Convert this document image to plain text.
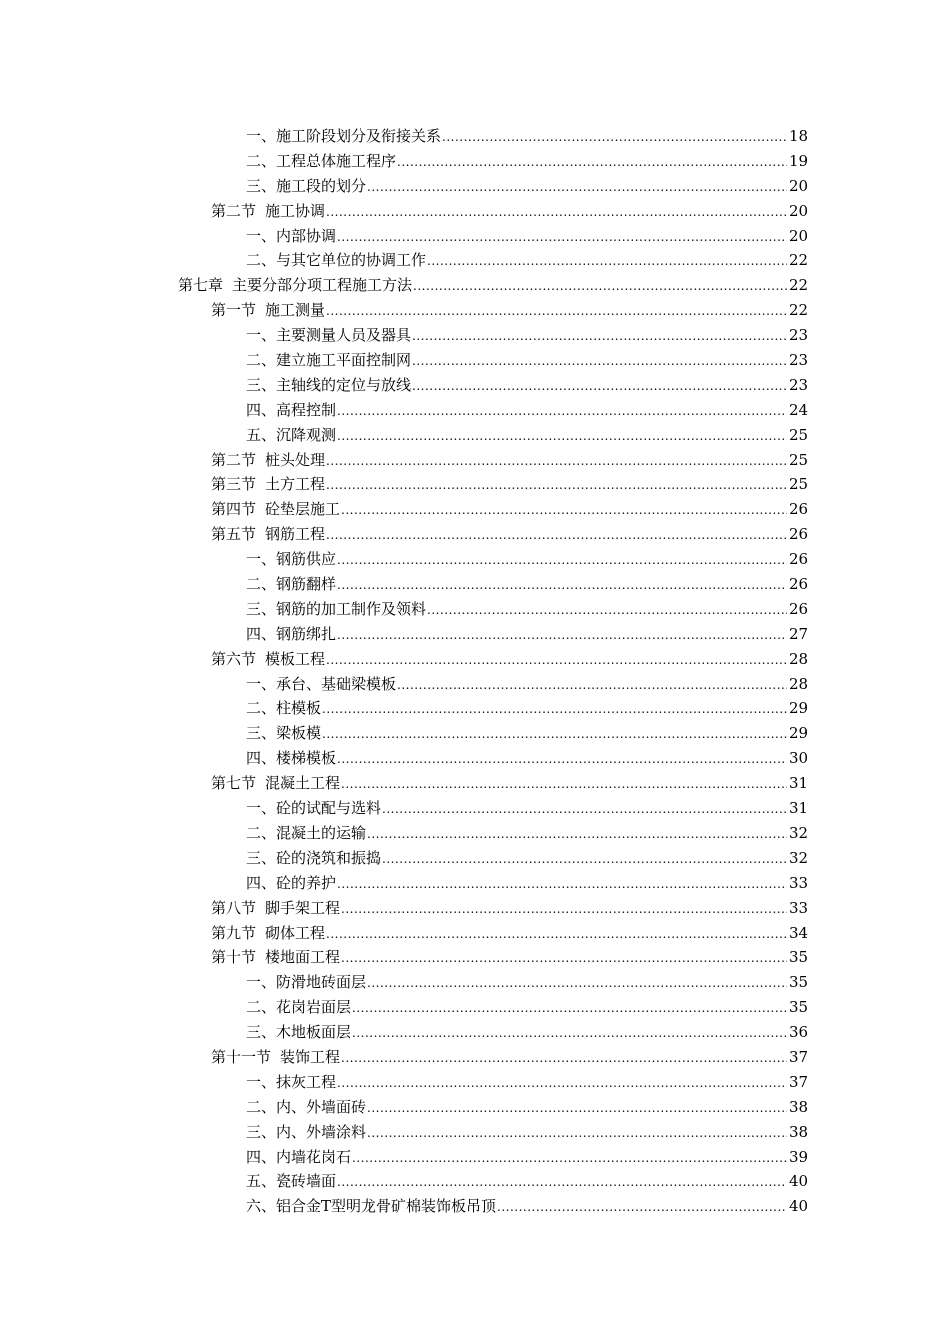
一、 施工阶段划分及衔接关系 .....	18
二、 工程总体施工程序 .....	19
三、 施工段的划分 .....	20
第二节 施工协调 .....	20
一、 内部协调 .....	20
二、 与其它单位的协调工作 .....	22
第七章 主要分部分项工程施工方法 .....	22
第一节 施工测量 .....	22
一、 主要测量人员及器具 .....	23
二、 建立施工平面控制网 .....	23
三、 主轴线的定位与放线 .....	23
四、 高程控制 .....	24
五、 沉降观测 .....	25
第二节 桩头处理 .....	25
第三节 土方工程 .....	25
第四节 砼垫层施工 .....	26
第五节 钢筋工程 .....	26
一、 钢筋供应 .....	26
二、 钢筋翻样 .....	26
三、 钢筋的加工制作及领料 .....	26
四、 钢筋绑扎 .....	27
第六节 模板工程 .....	28
一、 承台、基础梁模板 .....	28
二、 柱模板 .....	29
三、 梁板模 .....	29
四、 楼梯模板 .....	30
第七节 混凝土工程 .....	31
一、 砼的试配与选料 .....	31
二、 混凝土的运输 .....	32
三、 砼的浇筑和振捣 .....	32
四、 砼的养护 .....	33
第八节 脚手架工程 .....	33
第九节 砌体工程 .....	34
第十节 楼地面工程 .....	35
一、 防滑地砖面层 .....	35
二、 花岗岩面层 .....	35
三、 木地板面层 .....	36
第十一节 装饰工程 .....	37
一、 抹灰工程 .....	37
二、 内、外墙面砖 .....	38
三、 内、外墙涂料 .....	38
四、 内墙花岗石 .....	39
五、 瓷砖墙面 .....	40
六、 铝合金T型明龙骨矿棉装饰板吊顶 .....	40
